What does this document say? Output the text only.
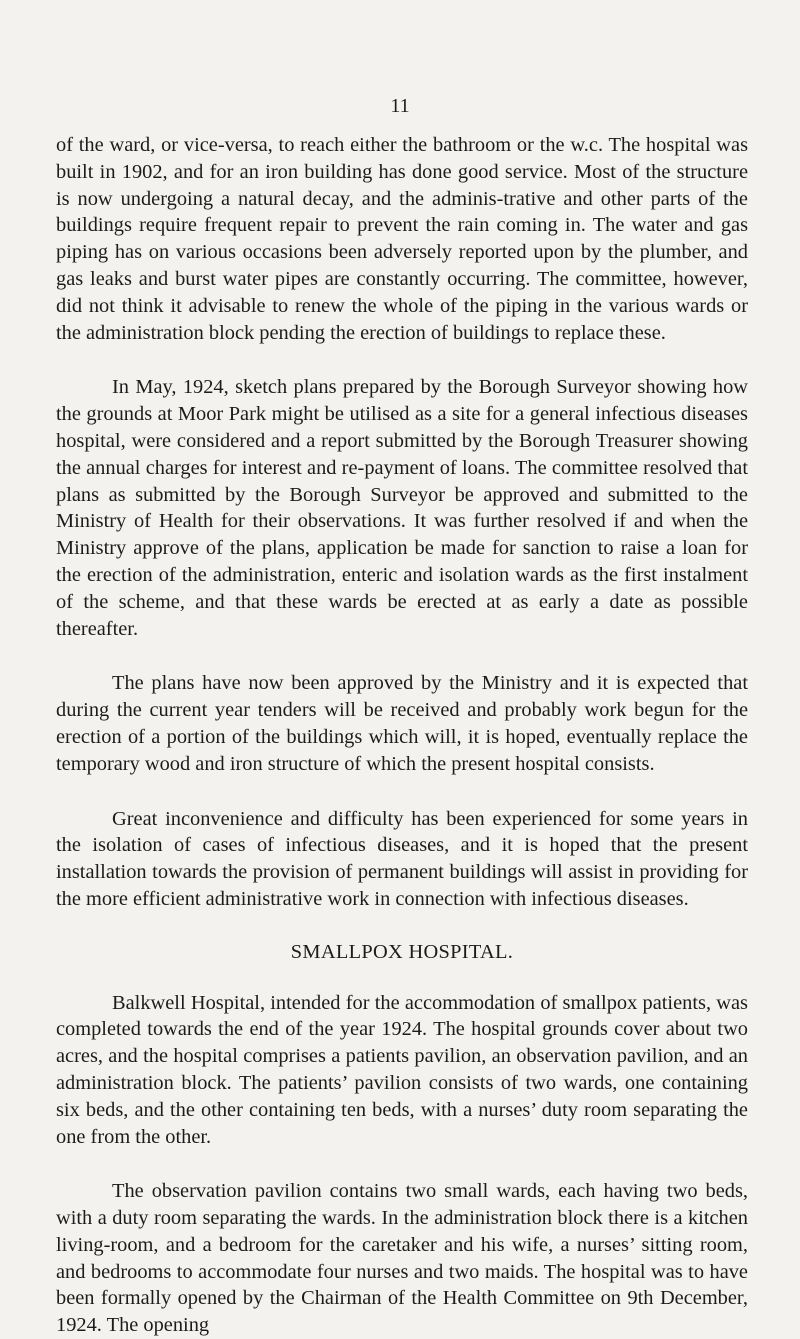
11

of the ward, or vice-versa, to reach either the bathroom or the w.c. The hospital was built in 1902, and for an iron building has done good service. Most of the structure is now undergoing a natural decay, and the adminis-trative and other parts of the buildings require frequent repair to prevent the rain coming in. The water and gas piping has on various occasions been adversely reported upon by the plumber, and gas leaks and burst water pipes are constantly occurring. The committee, however, did not think it advisable to renew the whole of the piping in the various wards or the administration block pending the erection of buildings to replace these.

In May, 1924, sketch plans prepared by the Borough Surveyor showing how the grounds at Moor Park might be utilised as a site for a general infectious diseases hospital, were considered and a report submitted by the Borough Treasurer showing the annual charges for interest and re-payment of loans. The committee resolved that plans as submitted by the Borough Surveyor be approved and submitted to the Ministry of Health for their observations. It was further resolved if and when the Ministry approve of the plans, application be made for sanction to raise a loan for the erection of the administration, enteric and isolation wards as the first instalment of the scheme, and that these wards be erected at as early a date as possible thereafter.

The plans have now been approved by the Ministry and it is expected that during the current year tenders will be received and probably work begun for the erection of a portion of the buildings which will, it is hoped, eventually replace the temporary wood and iron structure of which the present hospital consists.

Great inconvenience and difficulty has been experienced for some years in the isolation of cases of infectious diseases, and it is hoped that the present installation towards the provision of permanent buildings will assist in providing for the more efficient administrative work in connection with infectious diseases.

SMALLPOX HOSPITAL.

Balkwell Hospital, intended for the accommodation of smallpox patients, was completed towards the end of the year 1924. The hospital grounds cover about two acres, and the hospital comprises a patients pavilion, an observation pavilion, and an administration block. The patients’ pavilion consists of two wards, one containing six beds, and the other containing ten beds, with a nurses’ duty room separating the one from the other.

The observation pavilion contains two small wards, each having two beds, with a duty room separating the wards. In the administration block there is a kitchen living-room, and a bedroom for the caretaker and his wife, a nurses’ sitting room, and bedrooms to accommodate four nurses and two maids. The hospital was to have been formally opened by the Chairman of the Health Committee on 9th December, 1924. The opening
